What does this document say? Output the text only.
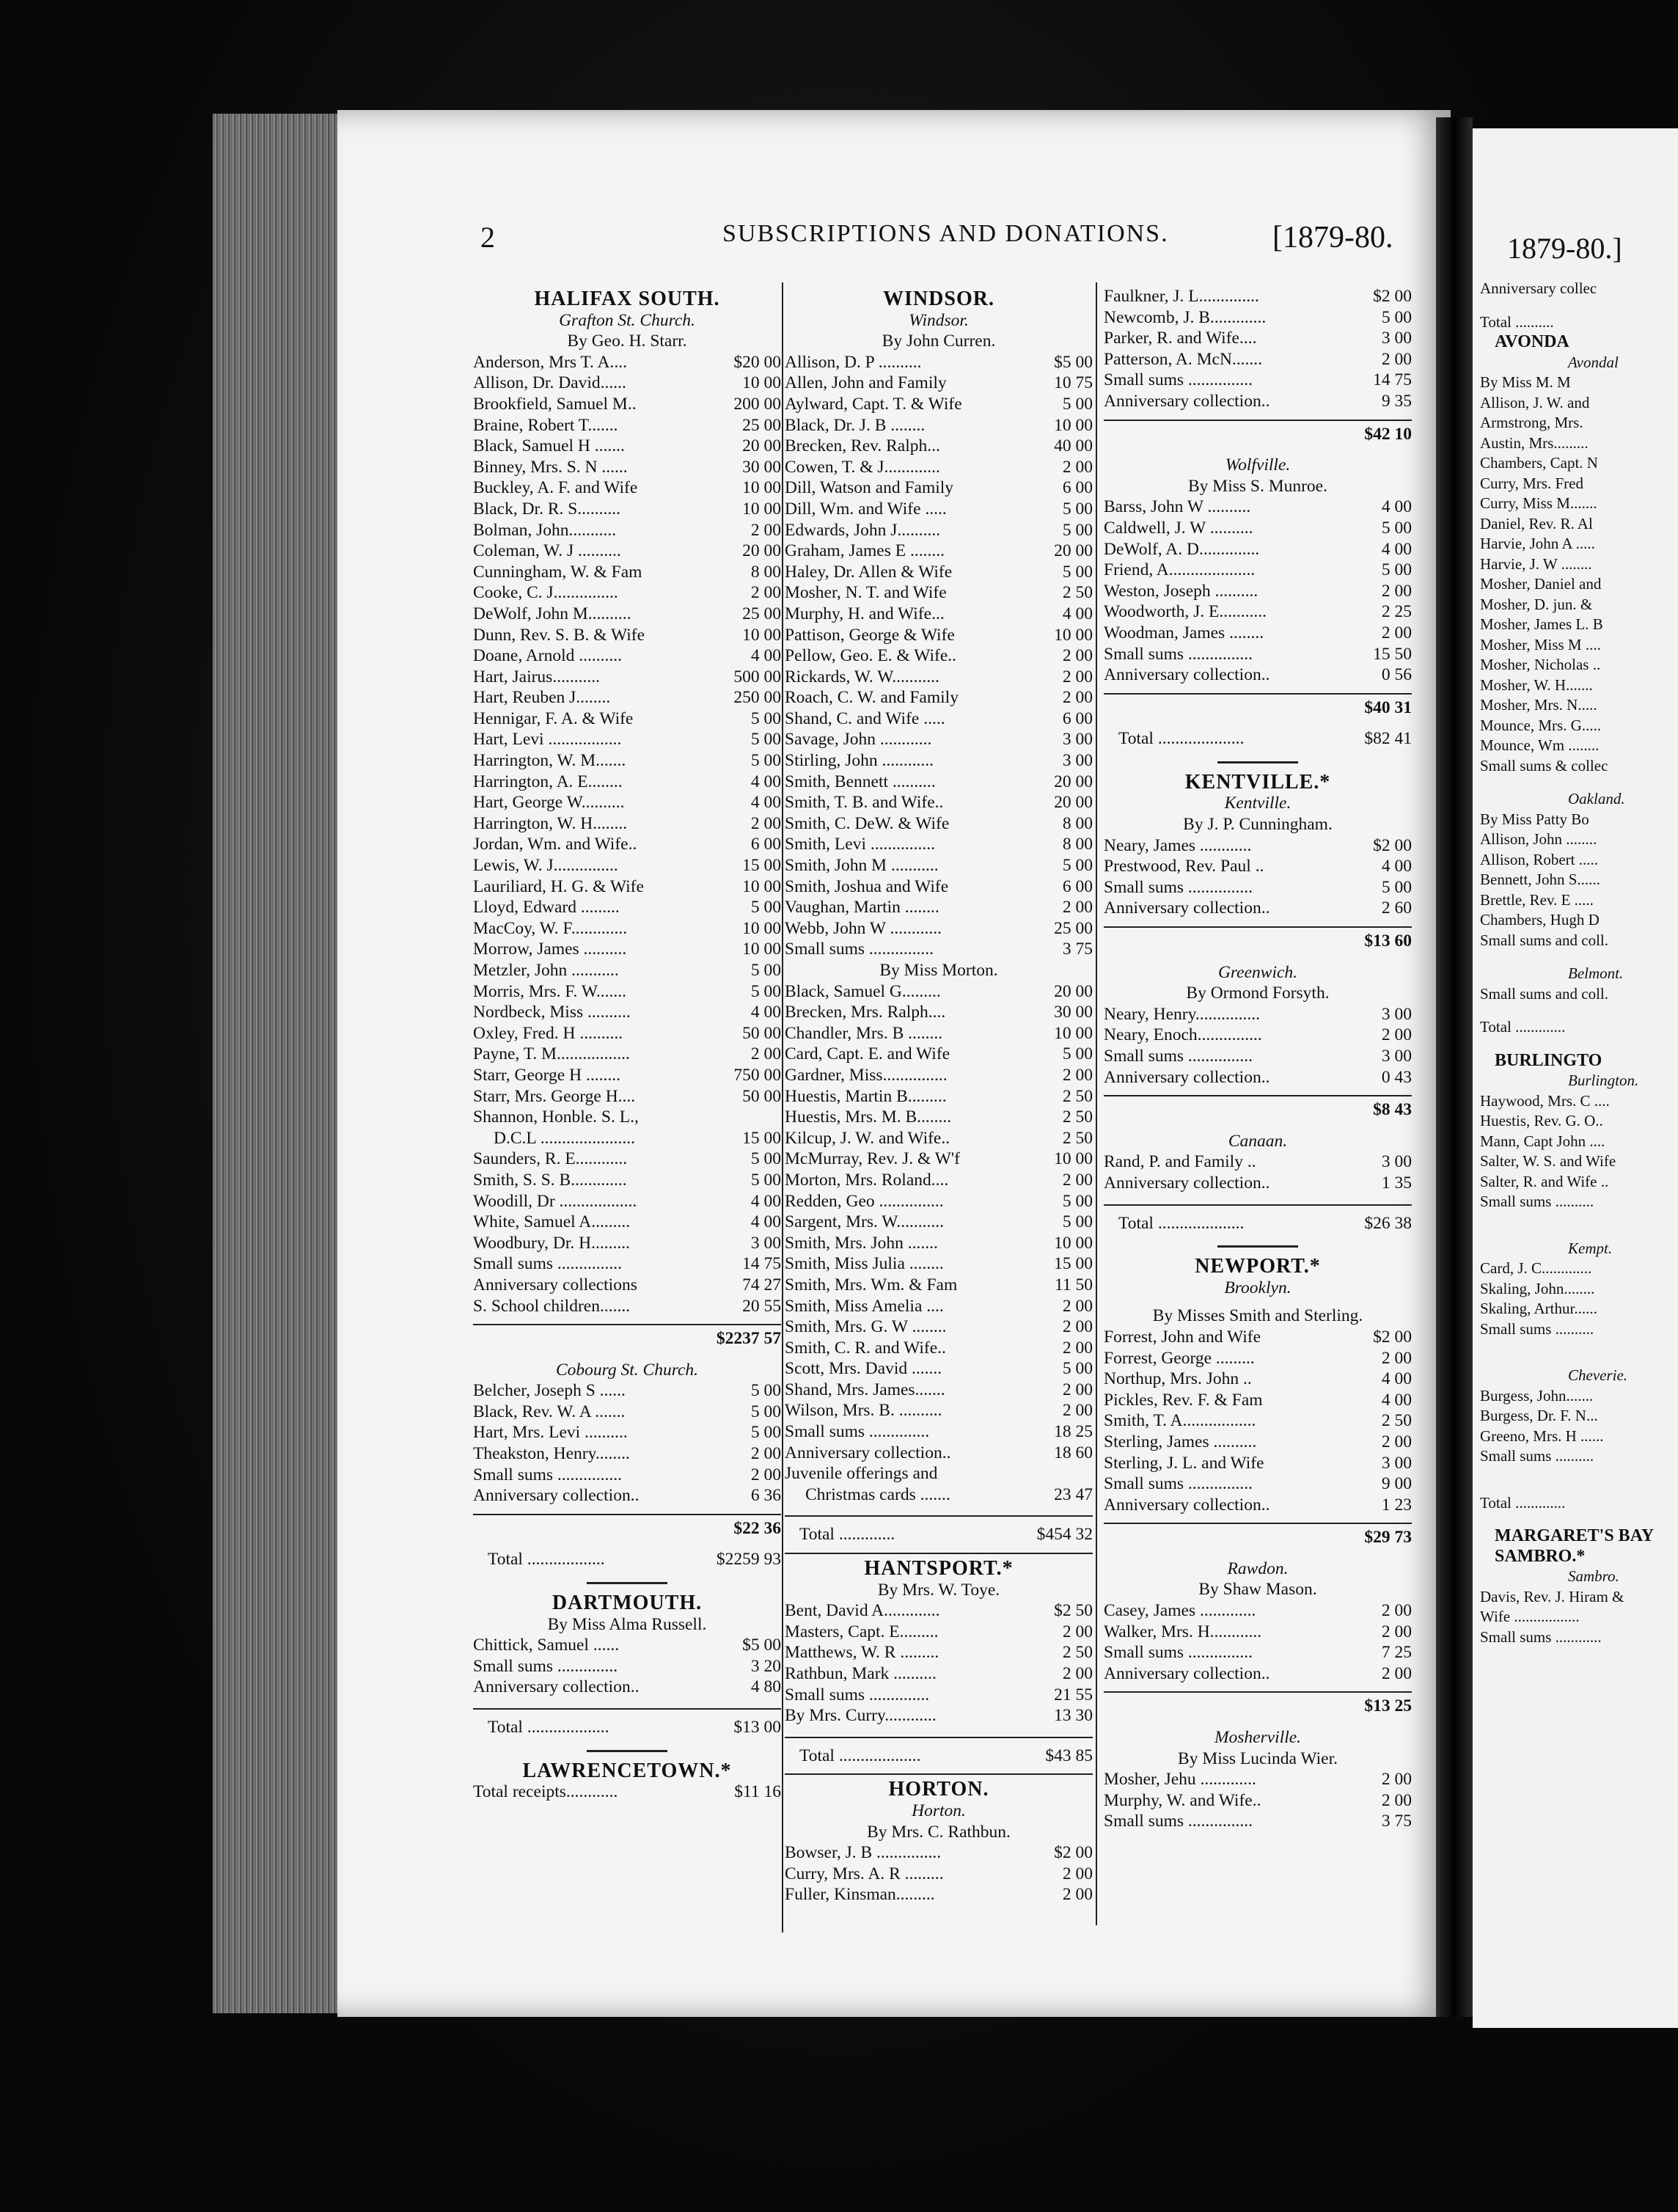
2	SUBSCRIPTIONS AND DONATIONS.	[1879-80.
HALIFAX SOUTH.
Grafton St. Church.
By Geo. H. Starr.
Anderson, Mrs T. A....	$20 00
Allison, Dr. David......	10 00
Brookfield, Samuel M..	200 00
Braine, Robert T.......	25 00
Black, Samuel H .......	20 00
Binney, Mrs. S. N ......	30 00
Buckley, A. F. and Wife	10 00
Black, Dr. R. S..........	10 00
Bolman, John...........	2 00
Coleman, W. J ..........	20 00
Cunningham, W. & Fam	8 00
Cooke, C. J...............	2 00
DeWolf, John M..........	25 00
Dunn, Rev. S. B. & Wife	10 00
Doane, Arnold ..........	4 00
Hart, Jairus...........	500 00
Hart, Reuben J........	250 00
Hennigar, F. A. & Wife	5 00
Hart, Levi .................	5 00
Harrington, W. M.......	5 00
Harrington, A. E........	4 00
Hart, George W..........	4 00
Harrington, W. H........	2 00
Jordan, Wm. and Wife..	6 00
Lewis, W. J...............	15 00
Lauriliard, H. G. & Wife	10 00
Lloyd, Edward .........	5 00
MacCoy, W. F.............	10 00
Morrow, James ..........	10 00
Metzler, John ...........	5 00
Morris, Mrs. F. W.......	5 00
Nordbeck, Miss ..........	4 00
Oxley, Fred. H ..........	50 00
Payne, T. M.................	2 00
Starr, George H ........	750 00
Starr, Mrs. George H....	50 00
Shannon, Honble. S. L.,
D.C.L ......................	15 00
Saunders, R. E............	5 00
Smith, S. S. B.............	5 00
Woodill, Dr ..................	4 00
White, Samuel A.........	4 00
Woodbury, Dr. H.........	3 00
Small sums ...............	14 75
Anniversary collections	74 27
S. School children.......	20 55
$2237 57
Cobourg St. Church.
Belcher, Joseph S ......	5 00
Black, Rev. W. A .......	5 00
Hart, Mrs. Levi ..........	5 00
Theakston, Henry........	2 00
Small sums ...............	2 00
Anniversary collection..	6 36
$22 36
Total ..................	$2259 93
DARTMOUTH.
By Miss Alma Russell.
Chittick, Samuel ......	$5 00
Small sums ..............	3 20
Anniversary collection..	4 80
Total ...................	$13 00
LAWRENCETOWN.*
Total receipts............	$11 16
WINDSOR.
Windsor.
By John Curren.
Allison, D. P ..........	$5 00
Allen, John and Family	10 75
Aylward, Capt. T. & Wife	5 00
Black, Dr. J. B ........	10 00
Brecken, Rev. Ralph...	40 00
Cowen, T. & J.............	2 00
Dill, Watson and Family	6 00
Dill, Wm. and Wife .....	5 00
Edwards, John J..........	5 00
Graham, James E ........	20 00
Haley, Dr. Allen & Wife	5 00
Mosher, N. T. and Wife	2 50
Murphy, H. and Wife...	4 00
Pattison, George & Wife	10 00
Pellow, Geo. E. & Wife..	2 00
Rickards, W. W...........	2 00
Roach, C. W. and Family	2 00
Shand, C. and Wife .....	6 00
Savage, John ............	3 00
Stirling, John ............	3 00
Smith, Bennett ..........	20 00
Smith, T. B. and Wife..	20 00
Smith, C. DeW. & Wife	8 00
Smith, Levi ...............	8 00
Smith, John M ...........	5 00
Smith, Joshua and Wife	6 00
Vaughan, Martin ........	2 00
Webb, John W ............	25 00
Small sums ...............	3 75
By Miss Morton.
Black, Samuel G.........	20 00
Brecken, Mrs. Ralph....	30 00
Chandler, Mrs. B ........	10 00
Card, Capt. E. and Wife	5 00
Gardner, Miss...............	2 00
Huestis, Martin B.........	2 50
Huestis, Mrs. M. B........	2 50
Kilcup, J. W. and Wife..	2 50
McMurray, Rev. J. & W'f	10 00
Morton, Mrs. Roland....	2 00
Redden, Geo ...............	5 00
Sargent, Mrs. W...........	5 00
Smith, Mrs. John .......	10 00
Smith, Miss Julia ........	15 00
Smith, Mrs. Wm. & Fam	11 50
Smith, Miss Amelia ....	2 00
Smith, Mrs. G. W ........	2 00
Smith, C. R. and Wife..	2 00
Scott, Mrs. David .......	5 00
Shand, Mrs. James.......	2 00
Wilson, Mrs. B. ..........	2 00
Small sums ..............	18 25
Anniversary collection..	18 60
Juvenile offerings and
Christmas cards .......	23 47
Total .............	$454 32
HANTSPORT.*
By Mrs. W. Toye.
Bent, David A.............	$2 50
Masters, Capt. E.........	2 00
Matthews, W. R .........	2 50
Rathbun, Mark ..........	2 00
Small sums ..............	21 55
By Mrs. Curry............	13 30
Total ...................	$43 85
HORTON.
Horton.
By Mrs. C. Rathbun.
Bowser, J. B ...............	$2 00
Curry, Mrs. A. R .........	2 00
Fuller, Kinsman.........	2 00
Faulkner, J. L..............	$2 00
Newcomb, J. B.............	5 00
Parker, R. and Wife....	3 00
Patterson, A. McN.......	2 00
Small sums ...............	14 75
Anniversary collection..	9 35
$42 10
Wolfville.
By Miss S. Munroe.
Barss, John W ..........	4 00
Caldwell, J. W ..........	5 00
DeWolf, A. D..............	4 00
Friend, A....................	5 00
Weston, Joseph ..........	2 00
Woodworth, J. E...........	2 25
Woodman, James ........	2 00
Small sums ...............	15 50
Anniversary collection..	0 56
$40 31
Total ....................	$82 41
KENTVILLE.*
Kentville.
By J. P. Cunningham.
Neary, James ............	$2 00
Prestwood, Rev. Paul ..	4 00
Small sums ...............	5 00
Anniversary collection..	2 60
$13 60
Greenwich.
By Ormond Forsyth.
Neary, Henry...............	3 00
Neary, Enoch...............	2 00
Small sums ...............	3 00
Anniversary collection..	0 43
$8 43
Canaan.
Rand, P. and Family ..	3 00
Anniversary collection..	1 35
Total ....................	$26 38
NEWPORT.*
Brooklyn.
By Misses Smith and Sterling.
Forrest, John and Wife	$2 00
Forrest, George .........	2 00
Northup, Mrs. John ..	4 00
Pickles, Rev. F. & Fam	4 00
Smith, T. A.................	2 50
Sterling, James ..........	2 00
Sterling, J. L. and Wife	3 00
Small sums ...............	9 00
Anniversary collection..	1 23
$29 73
Rawdon.
By Shaw Mason.
Casey, James .............	2 00
Walker, Mrs. H............	2 00
Small sums ...............	7 25
Anniversary collection..	2 00
$13 25
Mosherville.
By Miss Lucinda Wier.
Mosher, Jehu .............	2 00
Murphy, W. and Wife..	2 00
Small sums ...............	3 75
1879-80.]
Anniversary collec
Total ..........
AVONDA
Avondal
By Miss M. M
Allison, J. W. and
Armstrong, Mrs.
Austin, Mrs.........
Chambers, Capt. N
Curry, Mrs. Fred
Curry, Miss M.......
Daniel, Rev. R. Al
Harvie, John A .....
Harvie, J. W ........
Mosher, Daniel and
Mosher, D. jun. &
Mosher, James L. B
Mosher, Miss M ....
Mosher, Nicholas ..
Mosher, W. H.......
Mosher, Mrs. N.....
Mounce, Mrs. G.....
Mounce, Wm ........
Small sums & collec
Oakland.
By Miss Patty Bo
Allison, John ........
Allison, Robert .....
Bennett, John S......
Brettle, Rev. E .....
Chambers, Hugh D
Small sums and coll.
Belmont.
Small sums and coll.
Total .............
BURLINGTO
Burlington.
Haywood, Mrs. C ....
Huestis, Rev. G. O..
Mann, Capt John ....
Salter, W. S. and Wife
Salter, R. and Wife ..
Small sums ..........
Kempt.
Card, J. C.............
Skaling, John........
Skaling, Arthur......
Small sums ..........
Cheverie.
Burgess, John.......
Burgess, Dr. F. N...
Greeno, Mrs. H ......
Small sums ..........
Total .............
MARGARET'S BAY
SAMBRO.*
Sambro.
Davis, Rev. J. Hiram &
Wife .................
Small sums ............
